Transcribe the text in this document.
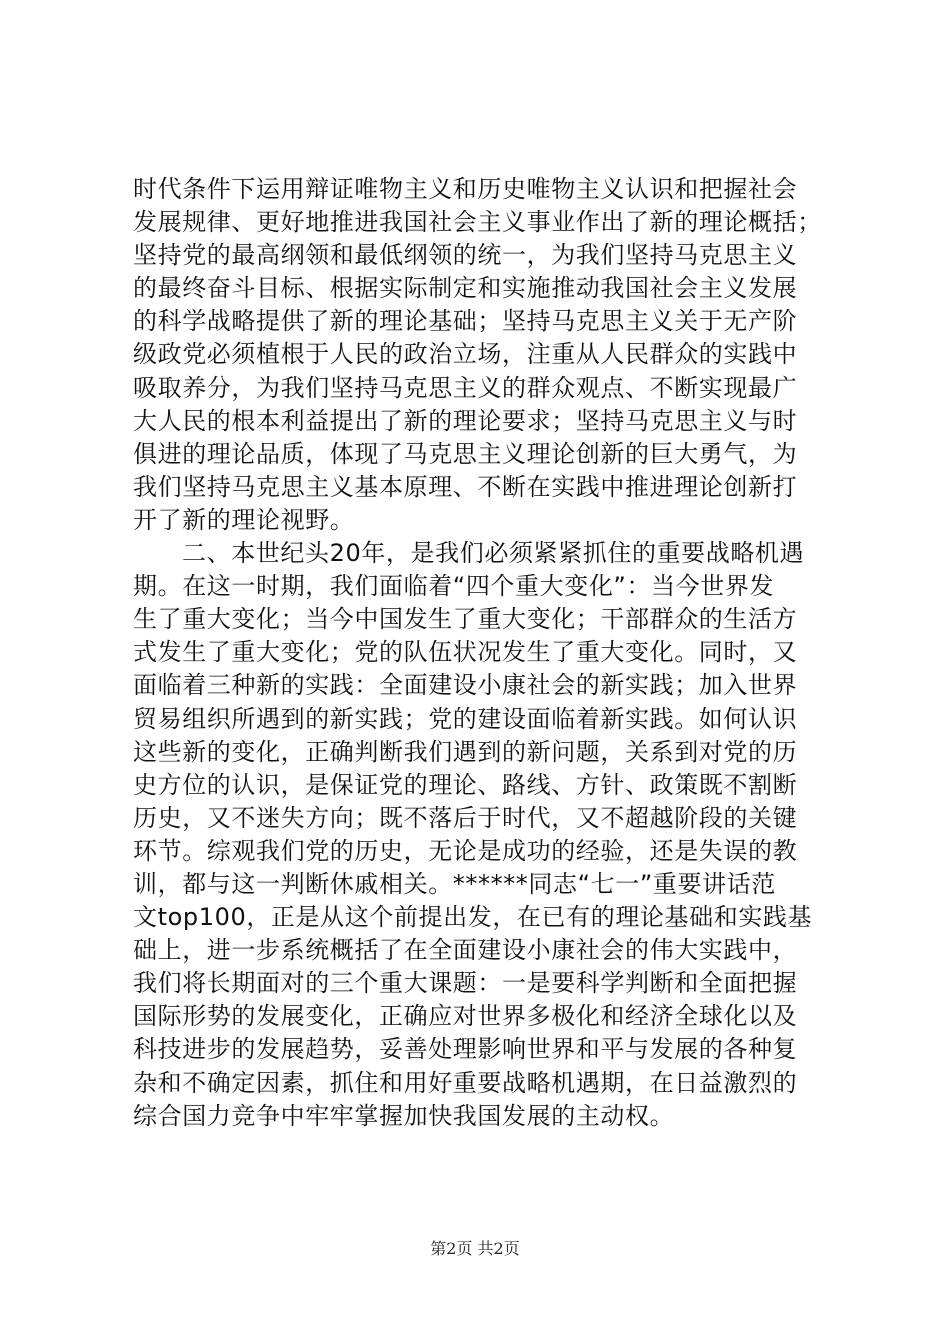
时代条件下运用辩证唯物主义和历史唯物主义认识和把握社会
发展规律、更好地推进我国社会主义事业作出了新的理论概括；
坚持党的最高纲领和最低纲领的统一，为我们坚持马克思主义
的最终奋斗目标、根据实际制定和实施推动我国社会主义发展
的科学战略提供了新的理论基础；坚持马克思主义关于无产阶
级政党必须植根于人民的政治立场，注重从人民群众的实践中
吸取养分，为我们坚持马克思主义的群众观点、不断实现最广
大人民的根本利益提出了新的理论要求；坚持马克思主义与时
俱进的理论品质，体现了马克思主义理论创新的巨大勇气，为
我们坚持马克思主义基本原理、不断在实践中推进理论创新打
开了新的理论视野。
二、本世纪头20年，是我们必须紧紧抓住的重要战略机遇
期。在这一时期，我们面临着“四个重大变化”：当今世界发
生了重大变化；当今中国发生了重大变化；干部群众的生活方
式发生了重大变化；党的队伍状况发生了重大变化。同时，又
面临着三种新的实践：全面建设小康社会的新实践；加入世界
贸易组织所遇到的新实践；党的建设面临着新实践。如何认识
这些新的变化，正确判断我们遇到的新问题，关系到对党的历
史方位的认识，是保证党的理论、路线、方针、政策既不割断
历史，又不迷失方向；既不落后于时代，又不超越阶段的关键
环节。综观我们党的历史，无论是成功的经验，还是失误的教
训，都与这一判断休戚相关。******同志“七一”重要讲话范
文top100，正是从这个前提出发，在已有的理论基础和实践基
础上，进一步系统概括了在全面建设小康社会的伟大实践中，
我们将长期面对的三个重大课题：一是要科学判断和全面把握
国际形势的发展变化，正确应对世界多极化和经济全球化以及
科技进步的发展趋势，妥善处理影响世界和平与发展的各种复
杂和不确定因素，抓住和用好重要战略机遇期，在日益激烈的
综合国力竞争中牢牢掌握加快我国发展的主动权。
第2页 共2页
